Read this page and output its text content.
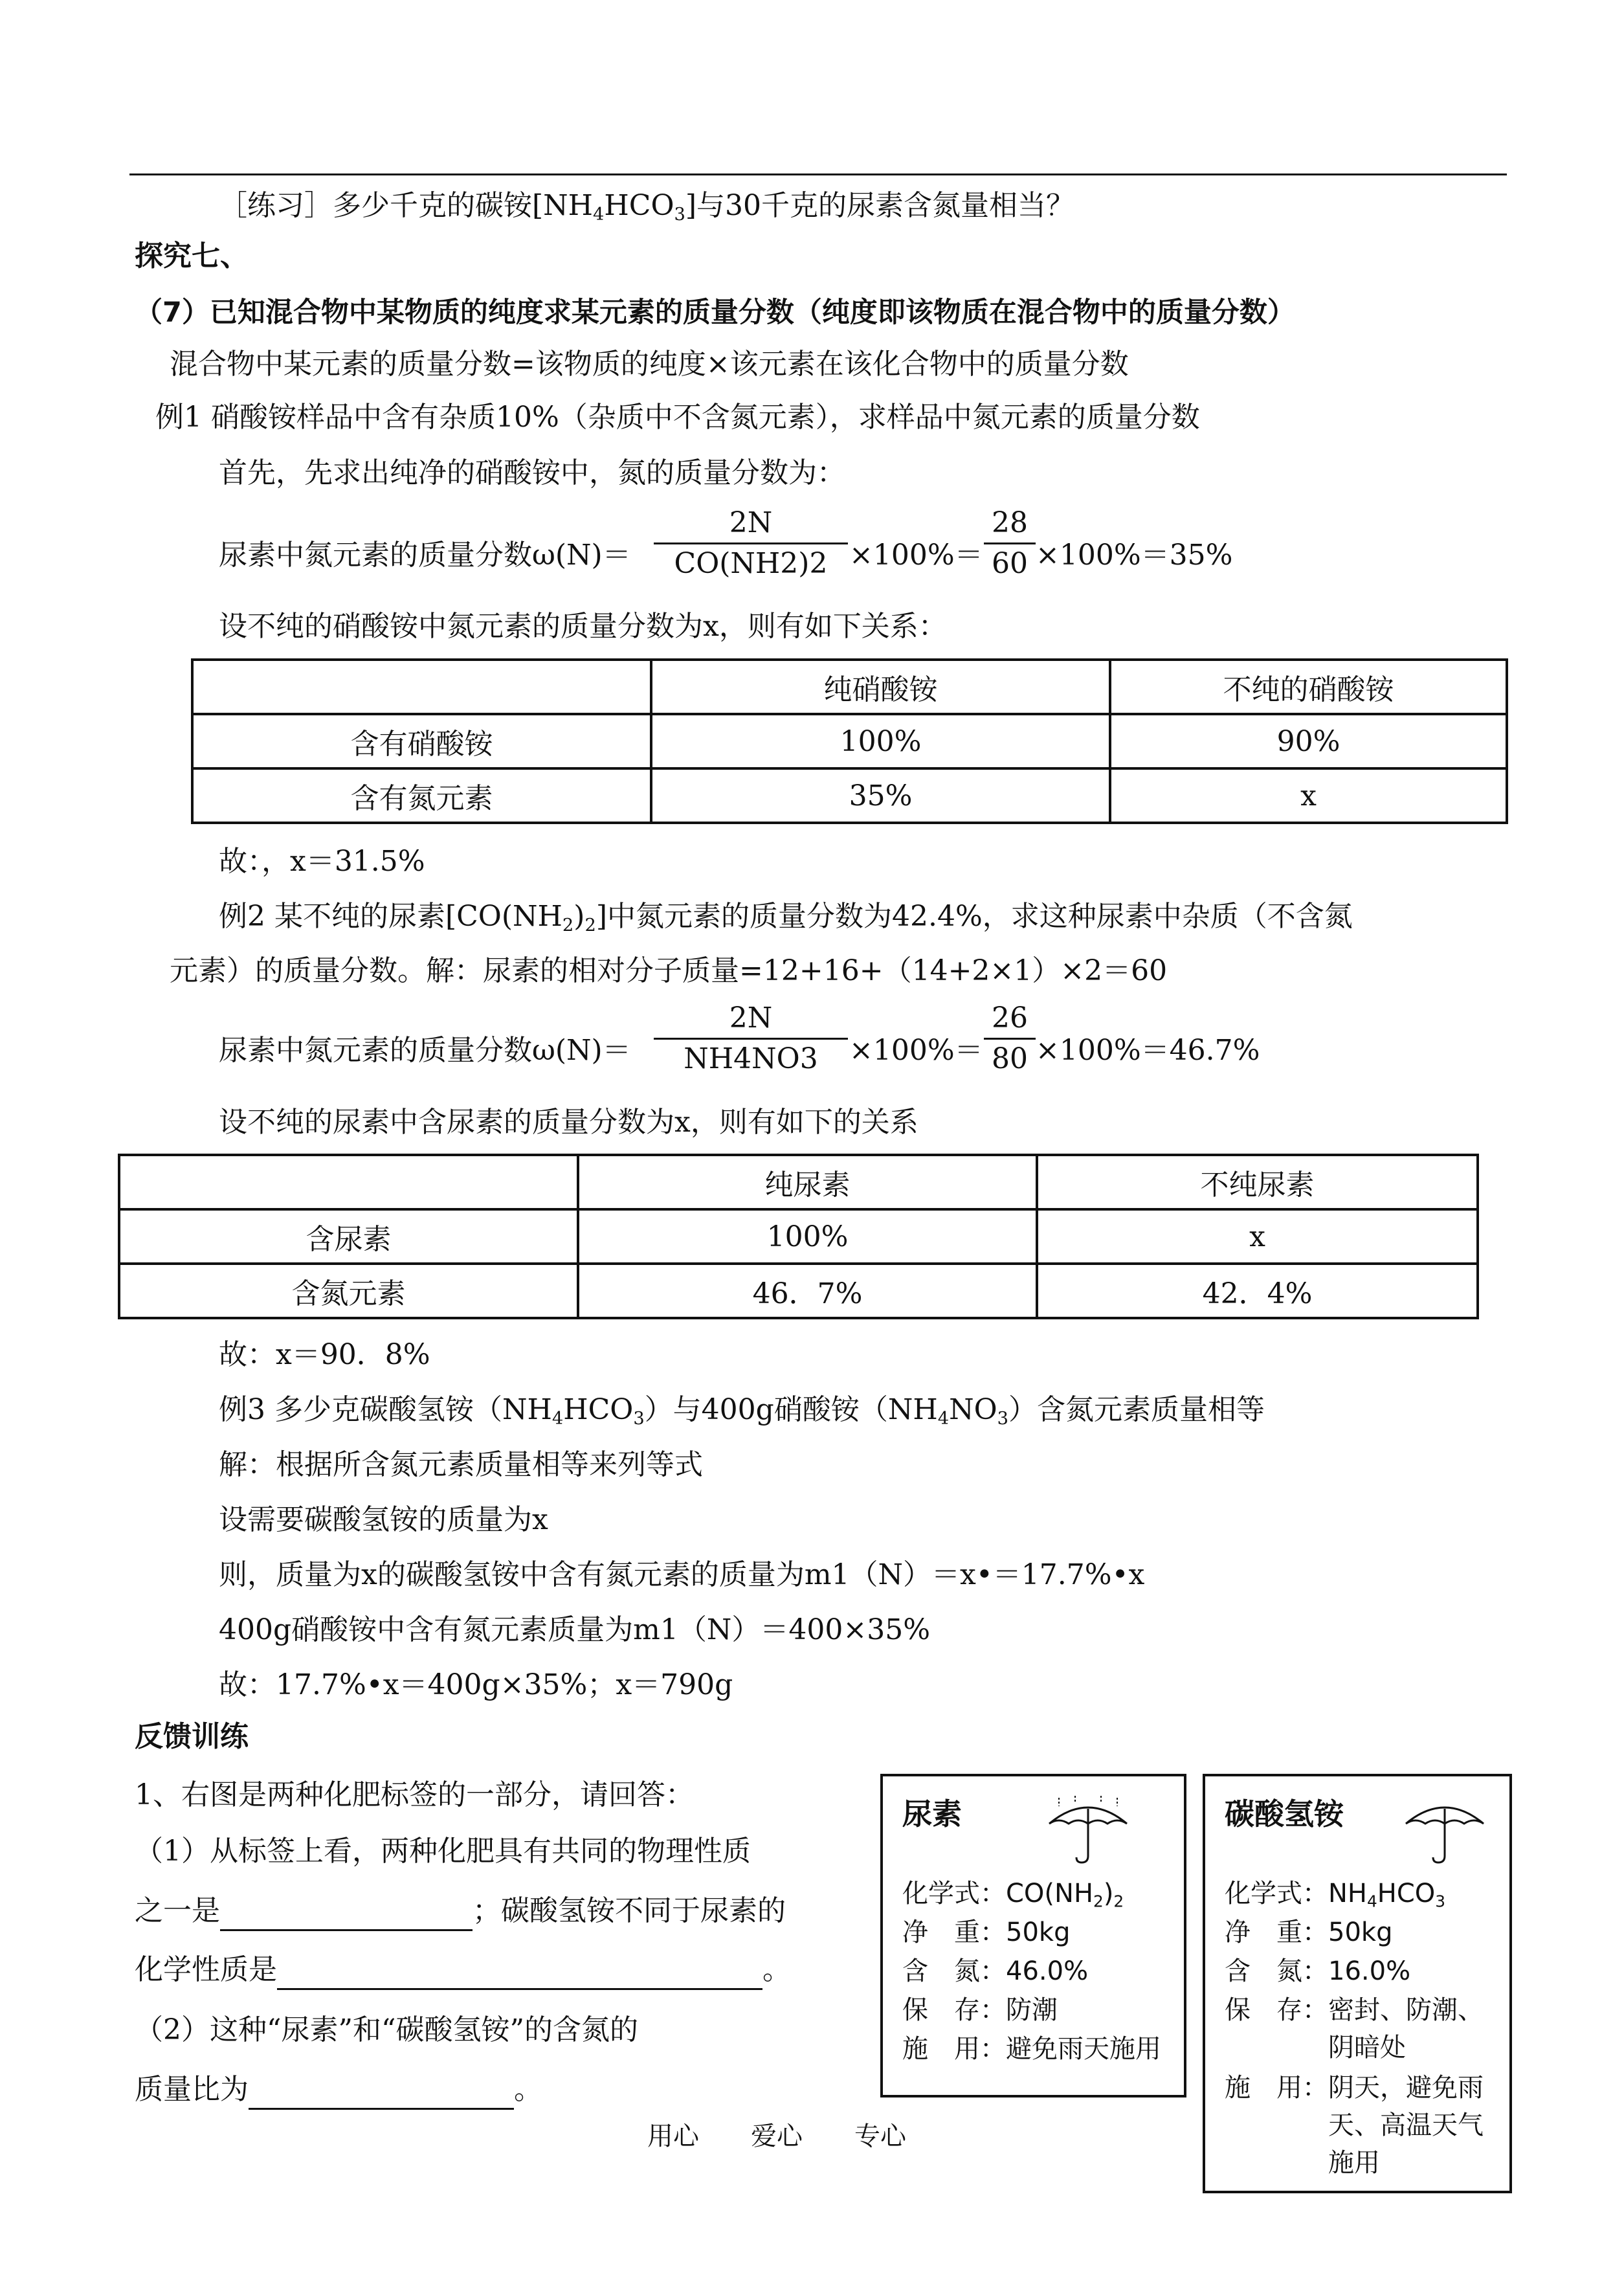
［练习］多少千克的碳铵$[NH_4HCO_3]$与30千克的尿素含氮量相当？
探究七、
（7）已知混合物中某物质的纯度求某元素的质量分数（纯度即该物质在混合物中的质量分数）
混合物中某元素的质量分数=该物质的纯度×该元素在该化合物中的质量分数
例1 硝酸铵样品中含有杂质10%（杂质中不含氮元素），求样品中氮元素的质量分数
首先，先求出纯净的硝酸铵中，氮的质量分数为：
尿素中氮元素的质量分数ω(N)＝
2N
CO(NH2)2 ×100%＝
28
60 ×100%＝35%
设不纯的硝酸铵中氮元素的质量分数为x，则有如下关系：
	纯硝酸铵	不纯的硝酸铵
含有硝酸铵	100%	90%
含有氮元素	35%	x
故：，x＝31.5%
例2 某不纯的尿素$[CO(NH_2)_2]$中氮元素的质量分数为42.4%，求这种尿素中杂质（不含氮
元素）的质量分数。解：尿素的相对分子质量=12+16+（14+2×1）×2＝60
尿素中氮元素的质量分数ω(N)＝
2N
NH4NO3	×100%＝
26
80 ×100%＝46.7%
设不纯的尿素中含尿素的质量分数为x，则有如下的关系
	纯尿素	不纯尿素
含尿素	100%	x
含氮元素	46．7%	42．4%
故：x＝90．8%
例3 多少克碳酸氢铵$(NH_4HCO_3)$与400g硝酸铵$(NH_4NO_3)$含氮元素质量相等
解：根据所含氮元素质量相等来列等式
设需要碳酸氢铵的质量为x
则，质量为x的碳酸氢铵中含有氮元素的质量为m1（N）＝x•＝17.7%•x
400g硝酸铵中含有氮元素质量为m1（N）＝400×35%
故：17.7%•x＝400g×35%；x＝790g
反馈训练
1、右图是两种化肥标签的一部分，请回答：
（1）从标签上看，两种化肥具有共同的物理性质
之一是	；碳酸氢铵不同于尿素的
化学性质是	。
（2）这种“尿素”和“碳酸氢铵”的含氮的
质量比为	。
尿素
化学式：$CO(NH_2)_2$
净　重：50kg
含　氮：46.0%
保　存：防潮
施　用：避免雨天施用
碳酸氢铵
化学式：$NH_4HCO_3$
净　重：50kg
含　氮：16.0%
保　存：密封、防潮、阴暗处
施　用：阴天，避免雨天、高温天气施用
用心　　爱心　　专心
